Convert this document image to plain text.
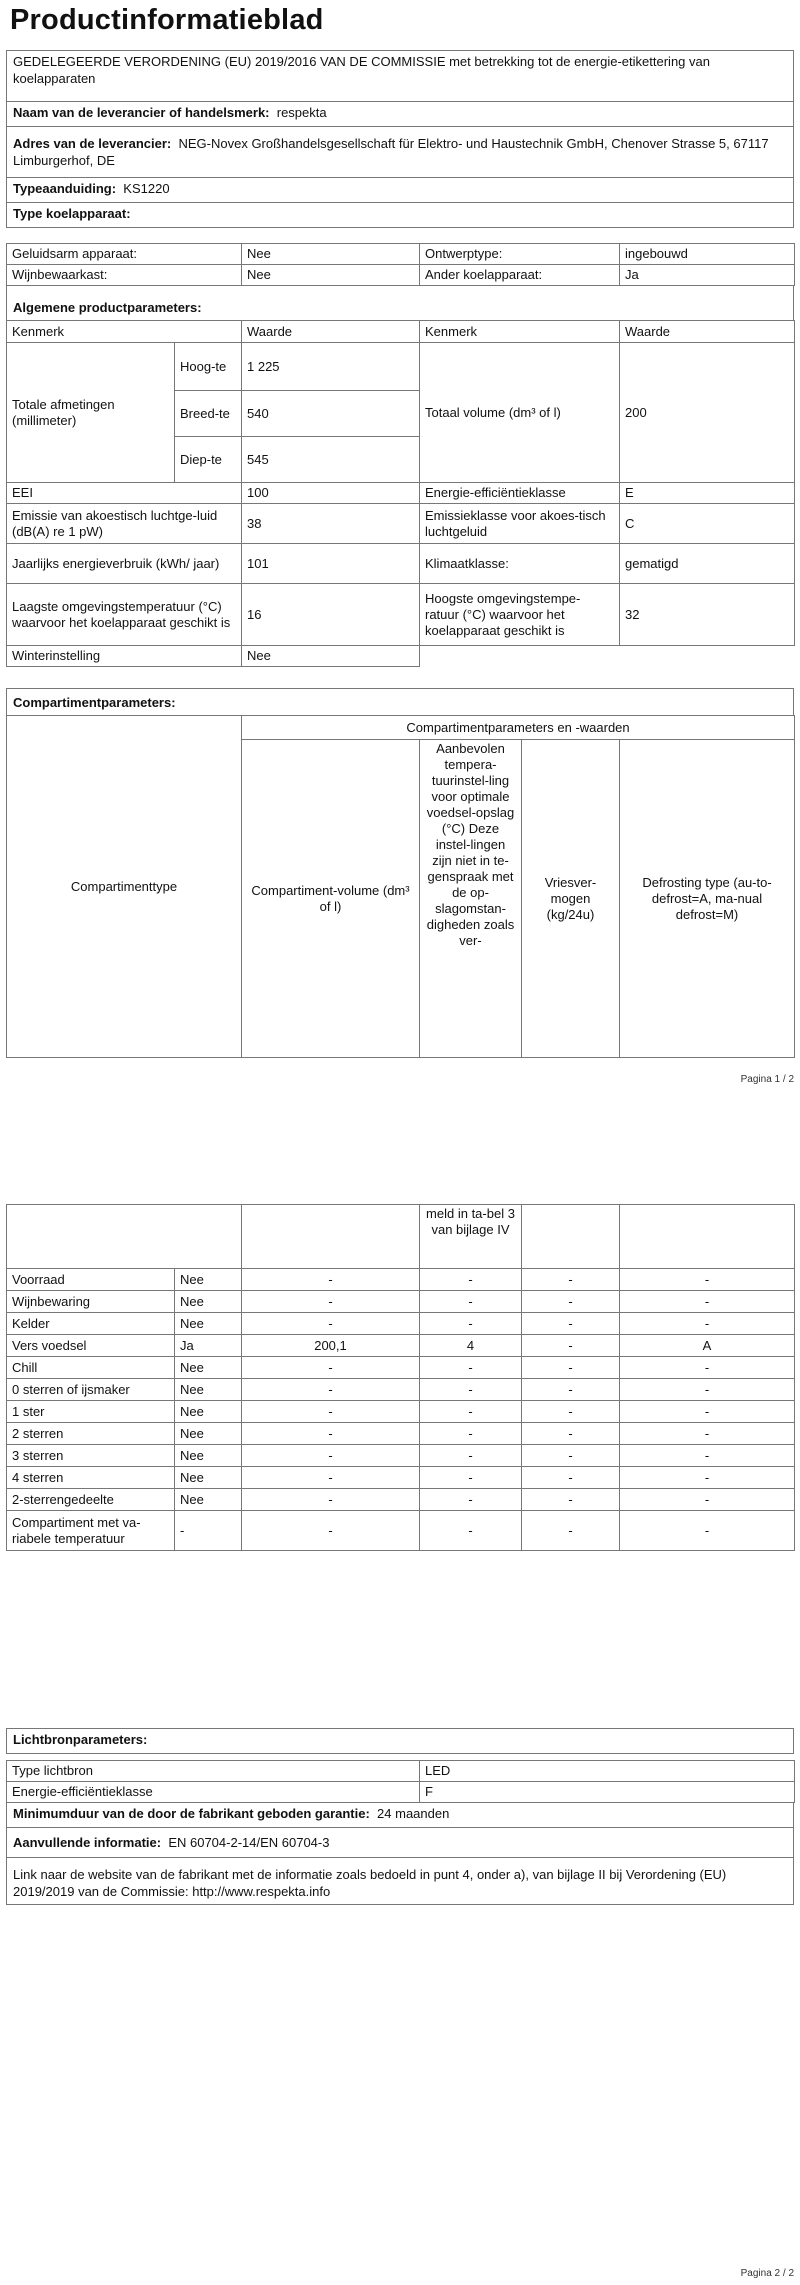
Productinformatieblad
GEDELEGEERDE VERORDENING (EU) 2019/2016 VAN DE COMMISSIE met betrekking tot de energie-etikettering van koelapparaten
Naam van de leverancier of handelsmerk: respekta
Adres van de leverancier: NEG-Novex Großhandelsgesellschaft für Elektro- und Haustechnik GmbH, Chenover Strasse 5, 67117 Limburgerhof, DE
Typeaanduiding: KS1220
Type koelapparaat:
Geluidsarm apparaat:	Nee	Ontwerptype:	ingebouwd
Wijnbewaarkast:	Nee	Ander koelapparaat:	Ja
Algemene productparameters:
Kenmerk		Waarde	Kenmerk	Waarde
Totale afmetingen (millimeter)	Hoog-te	1 225	Totaal volume (dm³ of l)	200
	Breed-te	540		
	Diep-te	545		
EEI		100	Energie-efficiëntieklasse	E
Emissie van akoestisch luchtge-luid (dB(A) re 1 pW)		38	Emissieklasse voor akoes-tisch luchtgeluid	C
Jaarlijks energieverbruik (kWh/ jaar)		101	Klimaatklasse:	gematigd
Laagste omgevingstemperatuur (°C) waarvoor het koelapparaat geschikt is		16	Hoogste omgevingstempe-ratuur (°C) waarvoor het koelapparaat geschikt is	32
Winterinstelling		Nee		
Compartimentparameters:
Compartimenttype	Compartimentparameters en -waarden			
	Compartiment-volume (dm³ of l)	Aanbevolen tempera-tuurinstel-ling voor optimale voedsel-opslag (°C) Deze instel-lingen zijn niet in te-genspraak met de op-slagomstan-digheden zoals ver-	Vriesver-mogen (kg/24u)	Defrosting type (au-to-defrost=A, ma-nual defrost=M)
Pagina 1 / 2
			meld in ta-bel 3 van bijlage IV		
Voorraad	Nee	-	-	-	-
Wijnbewaring	Nee	-	-	-	-
Kelder	Nee	-	-	-	-
Vers voedsel	Ja	200,1	4	-	A
Chill	Nee	-	-	-	-
0 sterren of ijsmaker	Nee	-	-	-	-
1 ster	Nee	-	-	-	-
2 sterren	Nee	-	-	-	-
3 sterren	Nee	-	-	-	-
4 sterren	Nee	-	-	-	-
2-sterrengedeelte	Nee	-	-	-	-
Compartiment met va-riabele temperatuur	-	-	-	-	-
Lichtbronparameters:
Type lichtbron	LED
Energie-efficiëntieklasse	F
Minimumduur van de door de fabrikant geboden garantie: 24 maanden
Aanvullende informatie: EN 60704-2-14/EN 60704-3
Link naar de website van de fabrikant met de informatie zoals bedoeld in punt 4, onder a), van bijlage II bij Verordening (EU) 2019/2019 van de Commissie: http://www.respekta.info
Pagina 2 / 2
